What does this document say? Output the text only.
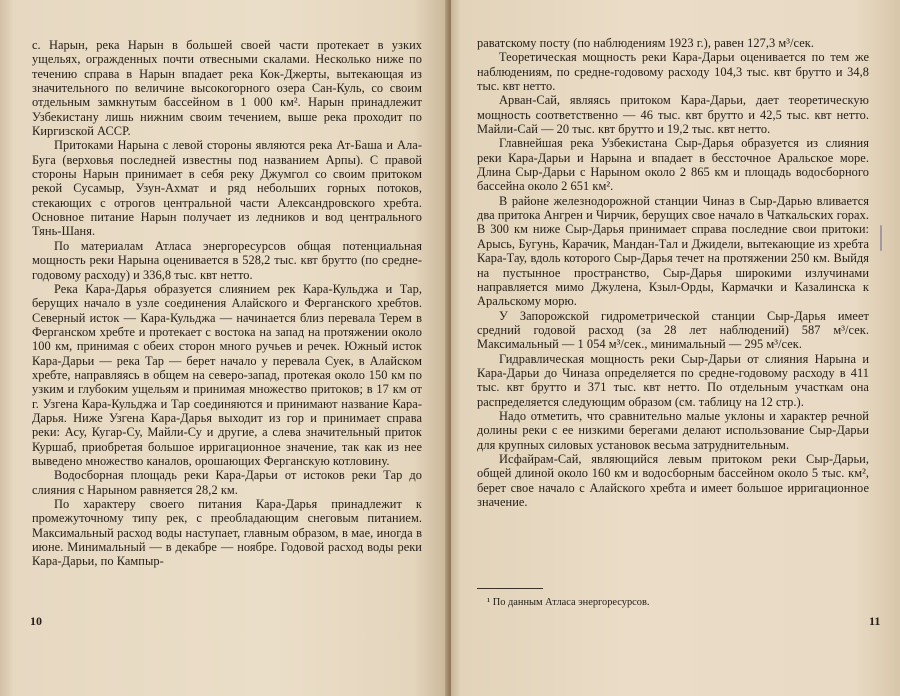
с. Нарын, река Нарын в большей своей части протекает в узких ущельях, огражденных почти отвесными скалами. Несколько ниже по течению справа в Нарын впадает река Кок-Джерты, вытекающая из значительного по величине высокогорного озера Сан-Куль, со своим отдельным замкнутым бассейном в 1 000 км². Нарын принадлежит Узбекистану лишь нижним своим течением, выше река проходит по Киргизской АССР.

Притоками Нарына с левой стороны являются река Ат-Баша и Ала-Буга (верховья последней известны под названием Арпы). С правой стороны Нарын принимает в себя реку Джумгол со своим притоком рекой Сусамыр, Узун-Ахмат и ряд небольших горных потоков, стекающих с отрогов центральной части Александровского хребта. Основное питание Нарын получает из ледников и вод центрального Тянь-Шаня.

По материалам Атласа энергоресурсов общая потенциальная мощность реки Нарына оценивается в 528,2 тыс. квт брутто (по средне-годовому расходу) и 336,8 тыс. квт нетто.

Река Кара-Дарья образуется слиянием рек Кара-Кульджа и Тар, берущих начало в узле соединения Алайского и Ферганского хребтов. Северный исток — Кара-Кульджа — начинается близ перевала Терем в Ферганском хребте и протекает с востока на запад на протяжении около 100 км, принимая с обеих сторон много ручьев и речек. Южный исток Кара-Дарьи — река Тар — берет начало у перевала Суек, в Алайском хребте, направляясь в общем на северо-запад, протекая около 150 км по узким и глубоким ущельям и принимая множество притоков; в 17 км от г. Узгена Кара-Кульджа и Тар соединяются и принимают название Кара-Дарья. Ниже Узгена Кара-Дарья выходит из гор и принимает справа реки: Асу, Кугар-Су, Майли-Су и другие, а слева значительный приток Куршаб, приобретая большое ирригационное значение, так как из нее выведено множество каналов, орошающих Ферганскую котловину.

Водосборная площадь реки Кара-Дарьи от истоков реки Тар до слияния с Нарыном равняется 28,2 км.

По характеру своего питания Кара-Дарья принадлежит к промежуточному типу рек, с преобладающим снеговым питанием. Максимальный расход воды наступает, главным образом, в мае, иногда в июне. Минимальный — в декабре — ноябре. Годовой расход воды реки Кара-Дарьи, по Кампыр-

10

раватскому посту (по наблюдениям 1923 г.), равен 127,3 м³/сек.

Теоретическая мощность реки Кара-Дарьи оценивается по тем же наблюдениям, по средне-годовому расходу 104,3 тыс. квт брутто и 34,8 тыс. квт нетто.

Арван-Сай, являясь притоком Кара-Дарьи, дает теоретическую мощность соответственно — 46 тыс. квт брутто и 42,5 тыс. квт нетто. Майли-Сай — 20 тыс. квт брутто и 19,2 тыс. квт нетто.

Главнейшая река Узбекистана Сыр-Дарья образуется из слияния реки Кара-Дарьи и Нарына и впадает в бессточное Аральское море. Длина Сыр-Дарьи с Нарыном около 2 865 км и площадь водосборного бассейна около 2 651 км².

В районе железнодорожной станции Чиназ в Сыр-Дарью вливается два притока Ангрен и Чирчик, берущих свое начало в Чаткальских горах. В 300 км ниже Сыр-Дарья принимает справа последние свои притоки: Арысь, Бугунь, Карачик, Мандан-Тал и Джидели, вытекающие из хребта Кара-Тау, вдоль которого Сыр-Дарья течет на протяжении 250 км. Выйдя на пустынное пространство, Сыр-Дарья широкими излучинами направляется мимо Джулена, Кзыл-Орды, Кармачки и Казалинска к Аральскому морю.

У Запорожской гидрометрической станции Сыр-Дарья имеет средний годовой расход (за 28 лет наблюдений) 587 м³/сек. Максимальный — 1 054 м³/сек., минимальный — 295 м³/сек.

Гидравлическая мощность реки Сыр-Дарьи от слияния Нарына и Кара-Дарьи до Чиназа определяется по средне-годовому расходу в 411 тыс. квт брутто и 371 тыс. квт нетто. По отдельным участкам она распределяется следующим образом (см. таблицу на 12 стр.).

Надо отметить, что сравнительно малые уклоны и характер речной долины реки с ее низкими берегами делают использование Сыр-Дарьи для крупных силовых установок весьма затруднительным.

Исфайрам-Сай, являющийся левым притоком реки Сыр-Дарьи, общей длиной около 160 км и водосборным бассейном около 5 тыс. км², берет свое начало с Алайского хребта и имеет большое ирригационное значение.

¹ По данным Атласа энергоресурсов.
11
